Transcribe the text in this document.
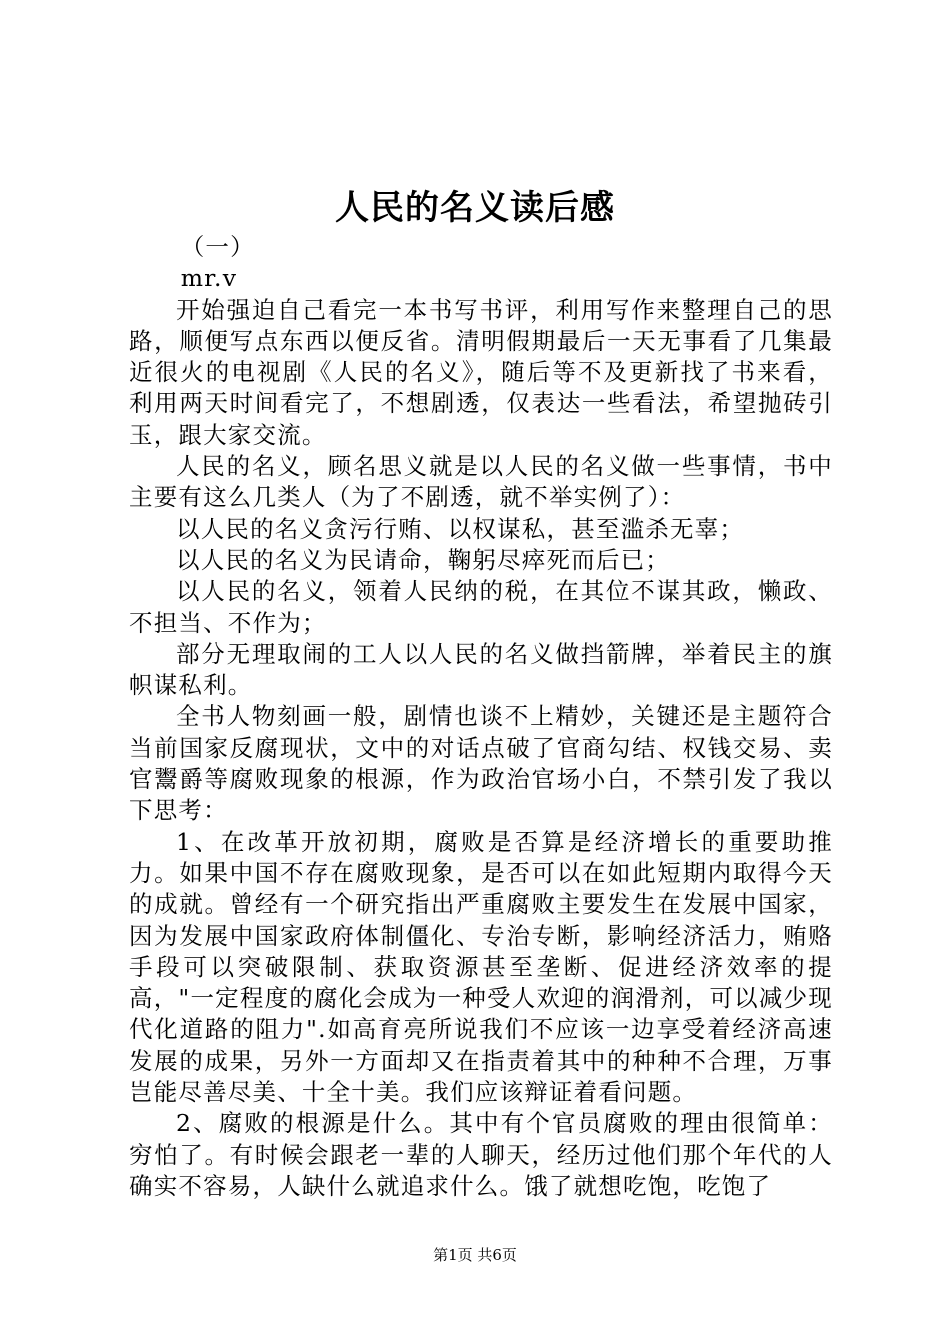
人民的名义读后感

（一）

mr.v

开始强迫自己看完一本书写书评，利用写作来整理自己的思路，顺便写点东西以便反省。清明假期最后一天无事看了几集最近很火的电视剧《人民的名义》，随后等不及更新找了书来看，利用两天时间看完了，不想剧透，仅表达一些看法，希望抛砖引玉，跟大家交流。

人民的名义，顾名思义就是以人民的名义做一些事情，书中主要有这么几类人（为了不剧透，就不举实例了）：

以人民的名义贪污行贿、以权谋私，甚至滥杀无辜；

以人民的名义为民请命，鞠躬尽瘁死而后已；

以人民的名义，领着人民纳的税，在其位不谋其政，懒政、不担当、不作为；

部分无理取闹的工人以人民的名义做挡箭牌，举着民主的旗帜谋私利。

全书人物刻画一般，剧情也谈不上精妙，关键还是主题符合当前国家反腐现状，文中的对话点破了官商勾结、权钱交易、卖官鬻爵等腐败现象的根源，作为政治官场小白，不禁引发了我以下思考：

1、在改革开放初期，腐败是否算是经济增长的重要助推力。如果中国不存在腐败现象，是否可以在如此短期内取得今天的成就。曾经有一个研究指出严重腐败主要发生在发展中国家，因为发展中国家政府体制僵化、专治专断，影响经济活力，贿赂手段可以突破限制、获取资源甚至垄断、促进经济效率的提高，"一定程度的腐化会成为一种受人欢迎的润滑剂，可以减少现代化道路的阻力".如高育亮所说我们不应该一边享受着经济高速发展的成果，另外一方面却又在指责着其中的种种不合理，万事岂能尽善尽美、十全十美。我们应该辩证着看问题。

2、腐败的根源是什么。其中有个官员腐败的理由很简单：穷怕了。有时候会跟老一辈的人聊天，经历过他们那个年代的人确实不容易，人缺什么就追求什么。饿了就想吃饱，吃饱了

第1页 共6页
